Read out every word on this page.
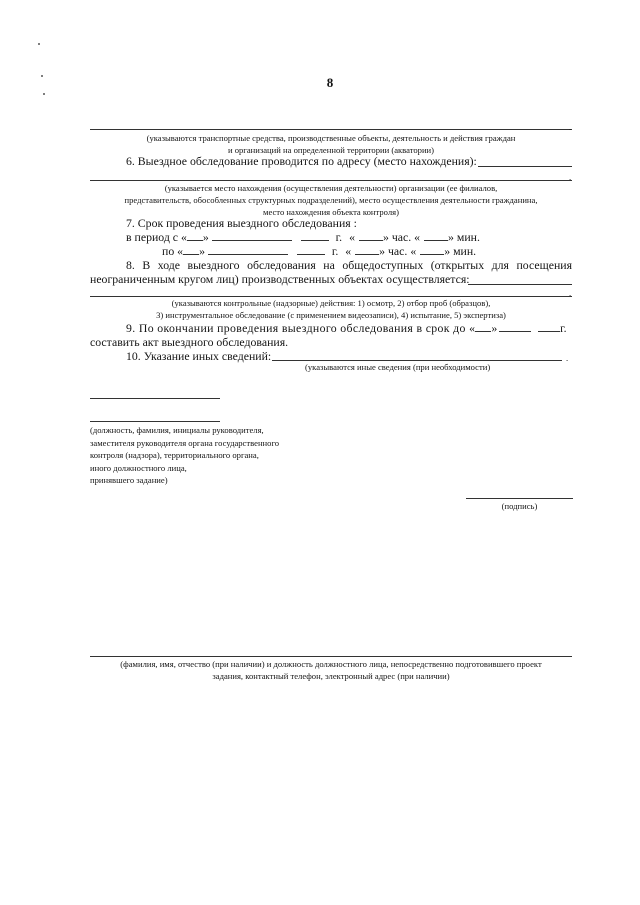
8
.
(указываются транспортные средства, производственные объекты, деятельность и действия граждан
и организаций на определенной территории (акватории)
6. Выездное обследование проводится по адресу (место нахождения):
.
(указывается место нахождения (осуществления деятельности) организации (ее филиалов,
представительств, обособленных структурных подразделений), место осуществления деятельности гражданина,
место нахождения объекта контроля)
7. Срок проведения выездного обследования :
в период с « »	г. « » час. « » мин.
по « »	г. « » час. « » мин.
8. В ходе выездного обследования на общедоступных (открытых для посещения
неограниченным кругом лиц) производственных объектах осуществляется:
.
(указываются контрольные (надзорные) действия: 1) осмотр, 2) отбор проб (образцов),
3) инструментальное обследование (с применением видеозаписи), 4) испытание, 5) экспертиза)
9. По окончании проведения выездного обследования в срок до « »	г.
составить акт выездного обследования.
10. Указание иных сведений:	.
(указываются иные сведения (при необходимости)
(должность, фамилия, инициалы руководителя,
заместителя руководителя органа государственного
контроля (надзора), территориального органа,
иного должностного лица,
принявшего задание)
(подпись)
(фамилия, имя, отчество (при наличии) и должность должностного лица, непосредственно подготовившего проект
задания, контактный телефон, электронный адрес (при наличии)
